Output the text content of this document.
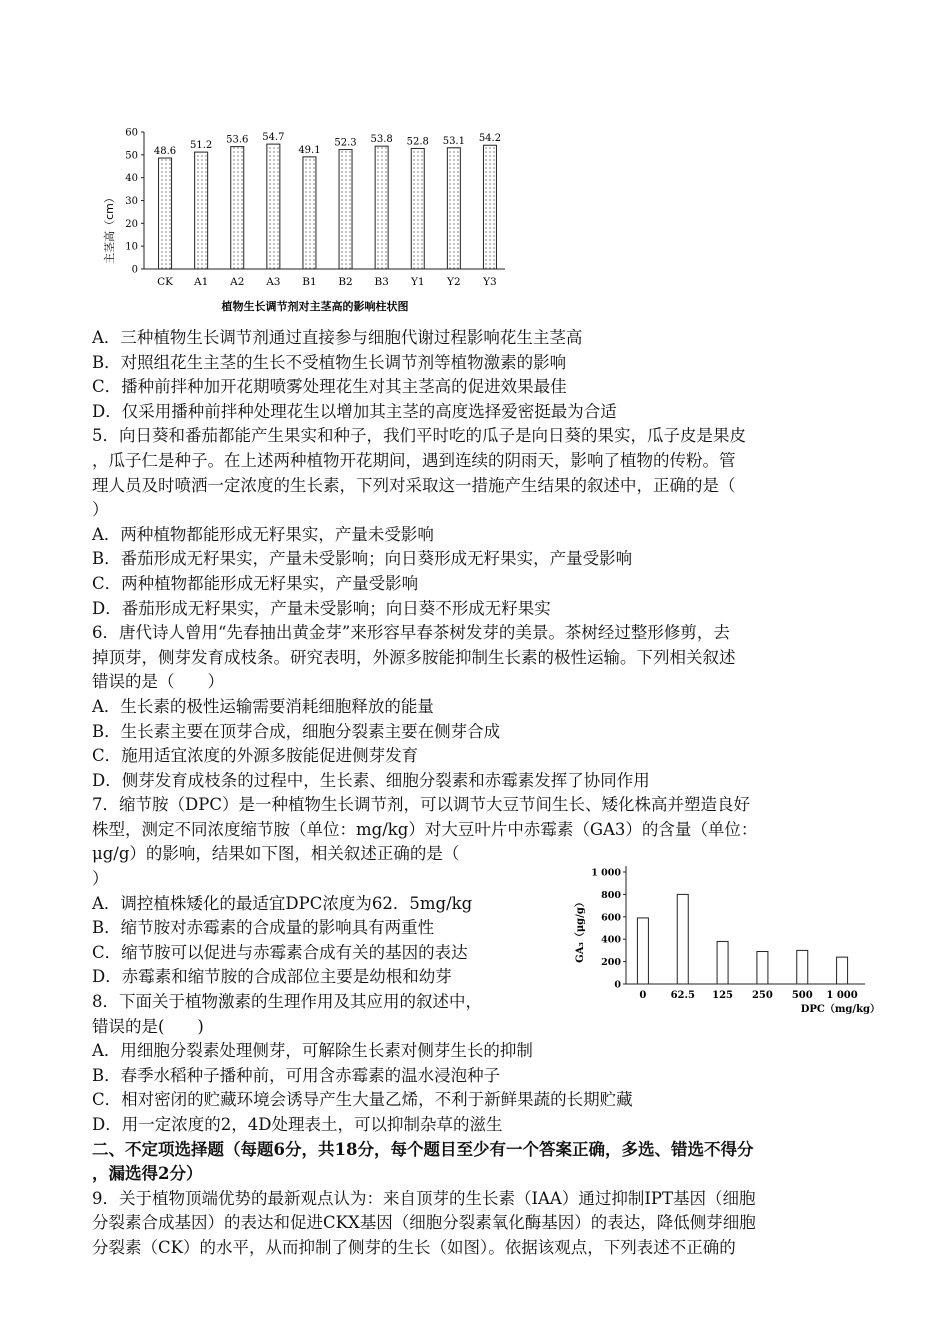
0
10
20
30
40
50
60
48.6
CK
51.2
A1
53.6
A2
54.7
A3
49.1
B1
52.3
B2
53.8
B3
52.8
Y1
53.1
Y2
54.2
Y3
主茎高（cm）
植物生长调节剂对主茎高的影响柱状图
0
200
400
600
800
1 000
0 62.5 125 250 500 1 000
GA₃（μg/g）
DPC（mg/kg）
A．三种植物生长调节剂通过直接参与细胞代谢过程影响花生主茎高
B．对照组花生主茎的生长不受植物生长调节剂等植物激素的影响
C．播种前拌种加开花期喷雾处理花生对其主茎高的促进效果最佳
D．仅采用播种前拌种处理花生以增加其主茎的高度选择爱密挺最为合适
5．向日葵和番茄都能产生果实和种子，我们平时吃的瓜子是向日葵的果实，瓜子皮是果皮
，瓜子仁是种子。在上述两种植物开花期间，遇到连续的阴雨天，影响了植物的传粉。管
理人员及时喷洒一定浓度的生长素，下列对采取这一措施产生结果的叙述中，正确的是（
）
A．两种植物都能形成无籽果实，产量未受影响
B．番茄形成无籽果实，产量未受影响；向日葵形成无籽果实，产量受影响
C．两种植物都能形成无籽果实，产量受影响
D．番茄形成无籽果实，产量未受影响；向日葵不形成无籽果实
6．唐代诗人曾用“先春抽出黄金芽”来形容早春茶树发芽的美景。茶树经过整形修剪，去
掉顶芽，侧芽发育成枝条。研究表明，外源多胺能抑制生长素的极性运输。下列相关叙述
错误的是（　　）
A．生长素的极性运输需要消耗细胞释放的能量
B．生长素主要在顶芽合成，细胞分裂素主要在侧芽合成
C．施用适宜浓度的外源多胺能促进侧芽发育
D．侧芽发育成枝条的过程中，生长素、细胞分裂素和赤霉素发挥了协同作用
7．缩节胺（DPC）是一种植物生长调节剂，可以调节大豆节间生长、矮化株高并塑造良好
株型，测定不同浓度缩节胺（单位：mg/kg）对大豆叶片中赤霉素（GA3）的含量（单位：
μg/g）的影响，结果如下图，相关叙述正确的是（
）
A．调控植株矮化的最适宜DPC浓度为62．5mg/kg
B．缩节胺对赤霉素的合成量的影响具有两重性
C．缩节胺可以促进与赤霉素合成有关的基因的表达
D．赤霉素和缩节胺的合成部位主要是幼根和幼芽
8．下面关于植物激素的生理作用及其应用的叙述中，
错误的是(　　)
A．用细胞分裂素处理侧芽，可解除生长素对侧芽生长的抑制
B．春季水稻种子播种前，可用含赤霉素的温水浸泡种子
C．相对密闭的贮藏环境会诱导产生大量乙烯，不利于新鲜果蔬的长期贮藏
D．用一定浓度的2，4D处理表土，可以抑制杂草的滋生
二、不定项选择题（每题6分，共18分，每个题目至少有一个答案正确，多选、错选不得分
，漏选得2分）
9．关于植物顶端优势的最新观点认为：来自顶芽的生长素（IAA）通过抑制IPT基因（细胞
分裂素合成基因）的表达和促进CKX基因（细胞分裂素氧化酶基因）的表达，降低侧芽细胞
分裂素（CK）的水平，从而抑制了侧芽的生长（如图）。依据该观点，下列表述不正确的
